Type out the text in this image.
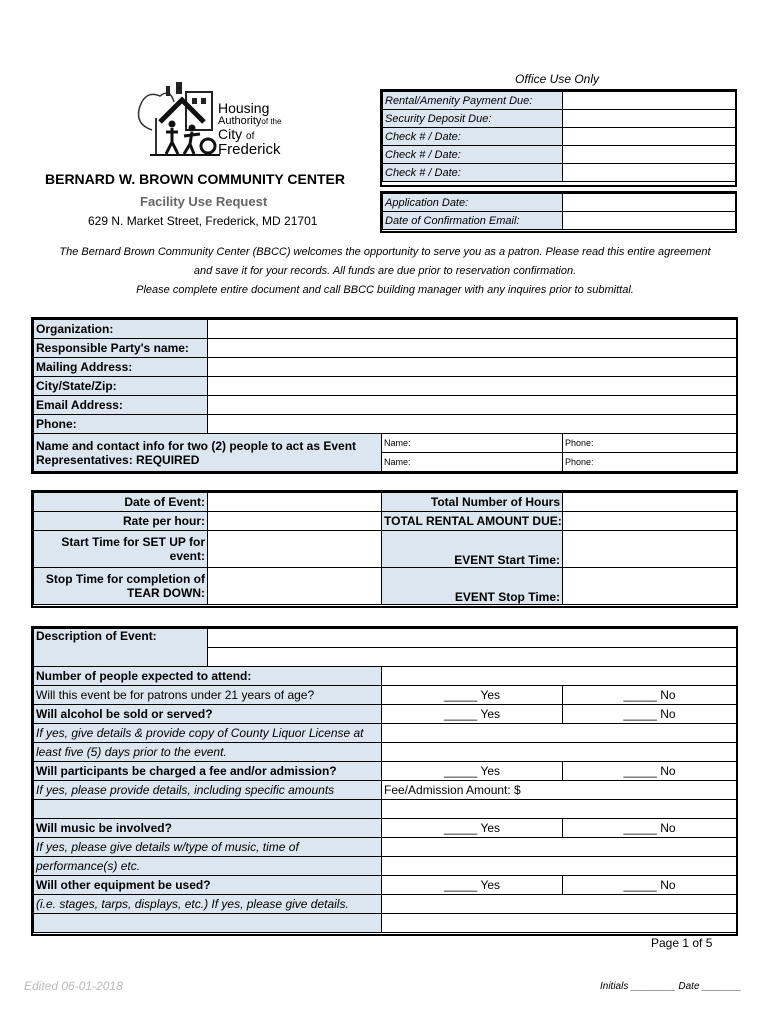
Housing
Authorityof the
City of
Frederick
BERNARD W. BROWN COMMUNITY CENTER
Facility Use Request
629 N. Market Street, Frederick, MD 21701
Office Use Only
Rental/Amenity Payment Due:	
Security Deposit Due:	
Check # / Date:	
Check # / Date:	
Check # / Date:	
Application Date:	
Date of Confirmation Email:	
The Bernard Brown Community Center (BBCC) welcomes the opportunity to serve you as a patron. Please read this entire agreement
and save it for your records. All funds are due prior to reservation confirmation.
Please complete entire document and call BBCC building manager with any inquires prior to submittal.
Organization:			
Responsible Party's name:			
Mailing Address:			
City/State/Zip:			
Email Address:			
Phone:			

Name and contact info for two (2) people to act as Event
Representatives: REQUIRED		Name:	Phone:
		Name:	Phone:
Date of Event:		Total Number of Hours	
Rate per hour:		TOTAL RENTAL AMOUNT DUE:	

Start Time for SET UP for
event:		EVENT Start Time:	

Stop Time for completion of
TEAR DOWN:		EVENT Stop Time:	
Description of Event:			

Number of people expected to attend:			
Will this event be for patrons under 21 years of age?		_____ Yes	_____ No
Will alcohol be sold or served?		_____ Yes	_____ No
If yes, give details & provide copy of County Liquor License at			
least five (5) days prior to the event.			
Will participants be charged a fee and/or admission?		_____ Yes	_____ No
If yes, please provide details, including specific amounts		Fee/Admission Amount: $	

Will music be involved?		_____ Yes	_____ No
If yes, please give details w/type of music, time of			
performance(s) etc.			
Will other equipment be used?		_____ Yes	_____ No
(i.e. stages, tarps, displays, etc.) If yes, please give details.			

Page 1 of 5
Edited 06-01-2018	Initials ________ Date _______
